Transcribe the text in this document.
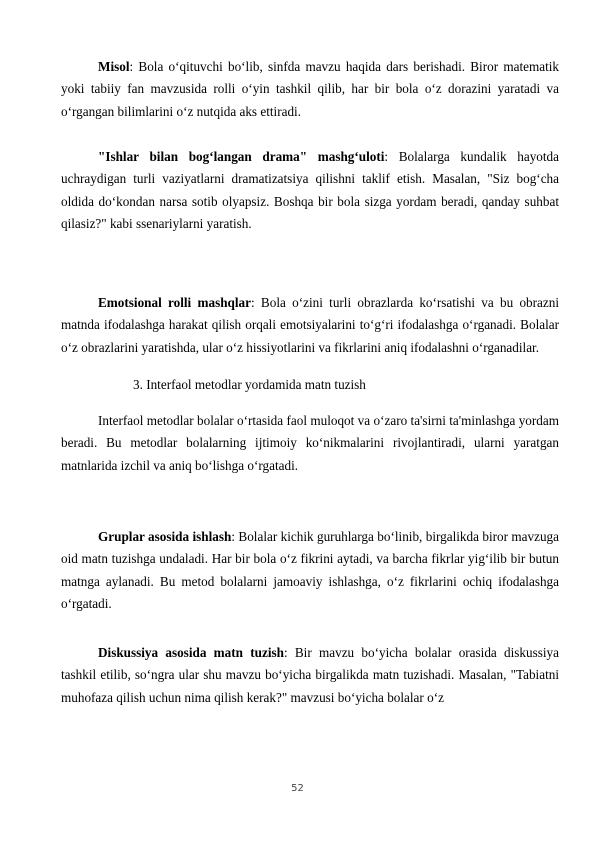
Misol: Bola o‘qituvchi bo‘lib, sinfda mavzu haqida dars berishadi. Biror matematik yoki tabiiy fan mavzusida rolli o‘yin tashkil qilib, har bir bola o‘z dorazini yaratadi va o‘rgangan bilimlarini o‘z nutqida aks ettiradi.

"Ishlar bilan bog‘langan drama" mashg‘uloti: Bolalarga kundalik hayotda uchraydigan turli vaziyatlarni dramatizatsiya qilishni taklif etish. Masalan, "Siz bog‘cha oldida do‘kondan narsa sotib olyapsiz. Boshqa bir bola sizga yordam beradi, qanday suhbat qilasiz?" kabi ssenariylarni yaratish.

Emotsional rolli mashqlar: Bola o‘zini turli obrazlarda ko‘rsatishi va bu obrazni matnda ifodalashga harakat qilish orqali emotsiyalarini to‘g‘ri ifodalashga o‘rganadi. Bolalar o‘z obrazlarini yaratishda, ular o‘z hissiyotlarini va fikrlarini aniq ifodalashni o‘rganadilar.

3. Interfaol metodlar yordamida matn tuzish

Interfaol metodlar bolalar o‘rtasida faol muloqot va o‘zaro ta'sirni ta'minlashga yordam beradi. Bu metodlar bolalarning ijtimoiy ko‘nikmalarini rivojlantiradi, ularni yaratgan matnlarida izchil va aniq bo‘lishga o‘rgatadi.

Gruplar asosida ishlash: Bolalar kichik guruhlarga bo‘linib, birgalikda biror mavzuga oid matn tuzishga undaladi. Har bir bola o‘z fikrini aytadi, va barcha fikrlar yig‘ilib bir butun matnga aylanadi. Bu metod bolalarni jamoaviy ishlashga, o‘z fikrlarini ochiq ifodalashga o‘rgatadi.

Diskussiya asosida matn tuzish: Bir mavzu bo‘yicha bolalar orasida diskussiya tashkil etilib, so‘ngra ular shu mavzu bo‘yicha birgalikda matn tuzishadi. Masalan, "Tabiatni muhofaza qilish uchun nima qilish kerak?" mavzusi bo‘yicha bolalar o‘z

52
